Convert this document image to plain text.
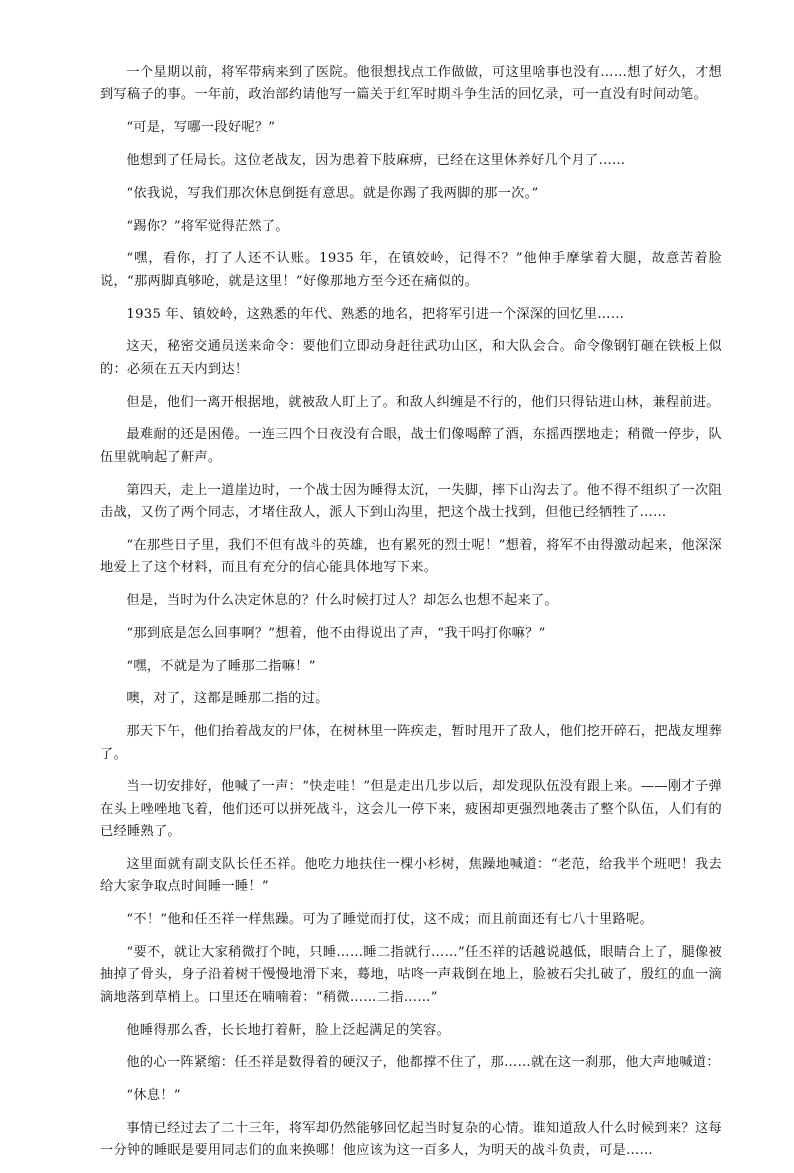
一个星期以前，将军带病来到了医院。他很想找点工作做做，可这里啥事也没有……想了好久，才想到写稿子的事。一年前，政治部约请他写一篇关于红军时期斗争生活的回忆录，可一直没有时间动笔。

“可是，写哪一段好呢？”

他想到了任局长。这位老战友，因为患着下肢麻痹，已经在这里休养好几个月了……

“依我说，写我们那次休息倒挺有意思。就是你踢了我两脚的那一次。”

“踢你？”将军觉得茫然了。

“嘿，看你，打了人还不认账。1935 年，在镇姣岭，记得不？”他伸手摩挲着大腿，故意苦着脸说，“那两脚真够呛，就是这里！”好像那地方至今还在痛似的。

1935 年、镇姣岭，这熟悉的年代、熟悉的地名，把将军引进一个深深的回忆里……

这天，秘密交通员送来命令：要他们立即动身赶往武功山区，和大队会合。命令像钢钉砸在铁板上似的：必须在五天内到达！

但是，他们一离开根据地，就被敌人盯上了。和敌人纠缠是不行的，他们只得钻进山林，兼程前进。

最难耐的还是困倦。一连三四个日夜没有合眼，战士们像喝醉了酒，东摇西摆地走；稍微一停步，队伍里就响起了鼾声。

第四天，走上一道崖边时，一个战士因为睡得太沉，一失脚，摔下山沟去了。他不得不组织了一次阻击战，又伤了两个同志，才堵住敌人，派人下到山沟里，把这个战士找到，但他已经牺牲了……

“在那些日子里，我们不但有战斗的英雄，也有累死的烈士呢！”想着，将军不由得激动起来，他深深地爱上了这个材料，而且有充分的信心能具体地写下来。

但是，当时为什么决定休息的？什么时候打过人？却怎么也想不起来了。

“那到底是怎么回事啊？”想着，他不由得说出了声，“我干吗打你嘛？”

“嘿，不就是为了睡那二指嘛！”

噢，对了，这都是睡那二指的过。

那天下午，他们抬着战友的尸体，在树林里一阵疾走，暂时甩开了敌人，他们挖开碎石，把战友埋葬了。

当一切安排好，他喊了一声：“快走哇！”但是走出几步以后，却发现队伍没有跟上来。——刚才子弹在头上唑唑地飞着，他们还可以拼死战斗，这会儿一停下来，疲困却更强烈地袭击了整个队伍，人们有的已经睡熟了。

这里面就有副支队长任丕祥。他吃力地扶住一棵小杉树，焦躁地喊道：“老范，给我半个班吧！我去给大家争取点时间睡一睡！”

“不！”他和任丕祥一样焦躁。可为了睡觉而打仗，这不成；而且前面还有七八十里路呢。

“要不，就让大家稍微打个盹，只睡……睡二指就行……”任丕祥的话越说越低，眼睛合上了，腿像被抽掉了骨头，身子沿着树干慢慢地滑下来，蓦地，咕咚一声栽倒在地上，脸被石尖扎破了，殷红的血一滴滴地落到草梢上。口里还在喃喃着：“稍微……二指……”

他睡得那么香，长长地打着鼾，脸上泛起满足的笑容。

他的心一阵紧缩：任丕祥是数得着的硬汉子，他都撑不住了，那……就在这一刹那，他大声地喊道：

“休息！”

事情已经过去了二十三年，将军却仍然能够回忆起当时复杂的心情。谁知道敌人什么时候到来？这每一分钟的睡眠是要用同志们的血来换哪！他应该为这一百多人，为明天的战斗负责，可是……
